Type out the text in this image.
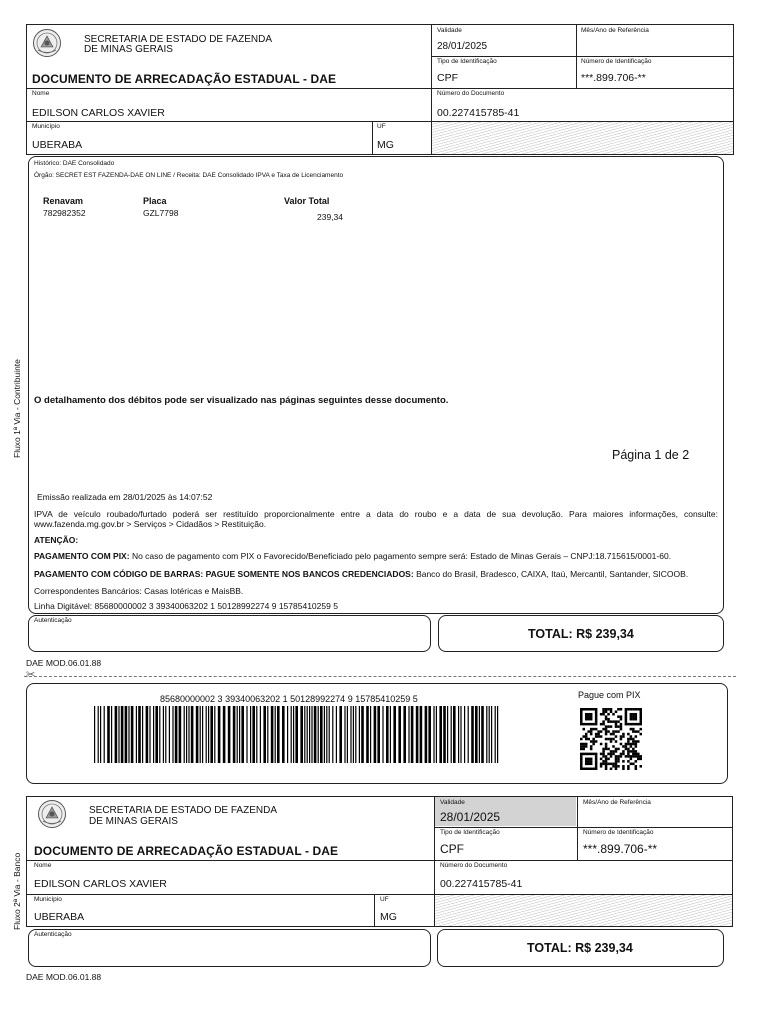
SECRETARIA DE ESTADO DE FAZENDA
DE MINAS GERAIS
DOCUMENTO DE ARRECADAÇÃO ESTADUAL - DAE
Validade
28/01/2025
Mês/Ano de Referência
Tipo de Identificação
CPF
Número de Identificação
***.899.706-**
Nome
EDILSON CARLOS XAVIER
Número do Documento
00.227415785-41
Município
UBERABA
UF
MG
Fluxo 1ª Via - Contribuinte
Histórico: DAE Consolidado
Órgão: SECRET EST FAZENDA-DAE ON LINE / Receita: DAE Consolidado IPVA e Taxa de Licenciamento
Renavam	Placa	Valor Total
782982352	GZL7798	239,34
O detalhamento dos débitos pode ser visualizado nas páginas seguintes desse documento.
Página 1 de 2
Emissão realizada em 28/01/2025 às 14:07:52
IPVA de veículo roubado/furtado poderá ser restituído proporcionalmente entre a data do roubo e a data de sua devolução. Para maiores informações, consulte: www.fazenda.mg.gov.br > Serviços > Cidadãos > Restituição.
ATENÇÃO:
PAGAMENTO COM PIX: No caso de pagamento com PIX o Favorecido/Beneficiado pelo pagamento sempre será: Estado de Minas Gerais – CNPJ:18.715615/0001-60.
PAGAMENTO COM CÓDIGO DE BARRAS: PAGUE SOMENTE NOS BANCOS CREDENCIADOS: Banco do Brasil, Bradesco, CAIXA, Itaú, Mercantil, Santander, SICOOB.
Correspondentes Bancários: Casas lotéricas e MaisBB.
Linha Digitável: 85680000002 3 39340063202 1 50128992274 9 15785410259 5
Autenticação
TOTAL: R$ 239,34
DAE MOD.06.01.88
✂
85680000002 3 39340063202 1 50128992274 9 15785410259 5	Pague com PIX
SECRETARIA DE ESTADO DE FAZENDA
DE MINAS GERAIS
DOCUMENTO DE ARRECADAÇÃO ESTADUAL - DAE
Validade
28/01/2025
Mês/Ano de Referência
Tipo de Identificação
CPF
Número de Identificação
***.899.706-**
Nome
EDILSON CARLOS XAVIER
Número do Documento
00.227415785-41
Município
UBERABA
UF
MG
Fluxo 2ª Via - Banco
Autenticação
TOTAL: R$ 239,34
DAE MOD.06.01.88
